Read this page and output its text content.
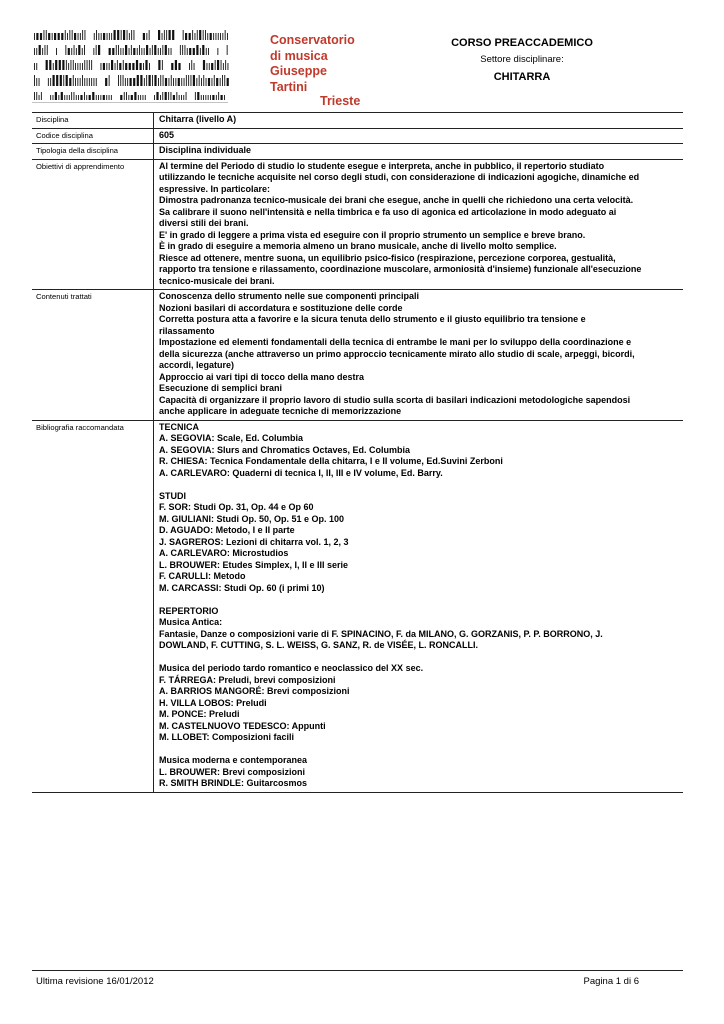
Conservatorio
di musica
Giuseppe
Tartini
Trieste
CORSO PREACCADEMICO
Settore disciplinare:
CHITARRA
Disciplina	Chitarra (livello A)
Codice disciplina	605
Tipologia della disciplina	Disciplina individuale
Obiettivi di apprendimento	Al termine del Periodo di studio lo studente esegue e interpreta, anche in pubblico, il repertorio studiato
utilizzando le tecniche acquisite nel corso degli studi, con considerazione di indicazioni agogiche, dinamiche ed
espressive. In particolare:
Dimostra padronanza tecnico-musicale dei brani che esegue, anche in quelli che richiedono una certa velocità.
Sa calibrare il suono nell'intensità e nella timbrica e fa uso di agonica ed articolazione in modo adeguato ai
diversi stili dei brani.
E' in grado di leggere a prima vista ed eseguire con il proprio strumento un semplice e breve brano.
È in grado di eseguire a memoria almeno un brano musicale, anche di livello molto semplice.
Riesce ad ottenere, mentre suona, un equilibrio psico-fisico (respirazione, percezione corporea, gestualità,
rapporto tra tensione e rilassamento, coordinazione muscolare, armoniosità d'insieme) funzionale all'esecuzione
tecnico-musicale dei brani.
Contenuti trattati	Conoscenza dello strumento nelle sue componenti principali
Nozioni basilari di accordatura e sostituzione delle corde
Corretta postura atta a favorire e la sicura tenuta dello strumento e il giusto equilibrio tra tensione e
rilassamento
Impostazione ed elementi fondamentali della tecnica di entrambe le mani per lo sviluppo della coordinazione e
della sicurezza (anche attraverso un primo approccio tecnicamente mirato allo studio di scale, arpeggi, bicordi,
accordi, legature)
Approccio ai vari tipi di tocco della mano destra
Esecuzione di semplici brani
Capacità di organizzare il proprio lavoro di studio sulla scorta di basilari indicazioni metodologiche sapendosi
anche applicare in adeguate tecniche di memorizzazione
Bibliografia raccomandata	TECNICA
A. SEGOVIA: Scale, Ed. Columbia
A. SEGOVIA: Slurs and Chromatics Octaves, Ed. Columbia
R. CHIESA: Tecnica Fondamentale della chitarra, I e II volume, Ed.Suvini Zerboni
A. CARLEVARO: Quaderni di tecnica I, II, III e IV volume, Ed. Barry.
STUDI
F. SOR: Studi Op. 31, Op. 44 e Op 60
M. GIULIANI: Studi Op. 50, Op. 51 e Op. 100
D. AGUADO: Metodo, I e II parte
J. SAGREROS: Lezioni di chitarra vol. 1, 2, 3
A. CARLEVARO: Microstudios
L. BROUWER: Etudes Simplex, I, II e III serie
F. CARULLI: Metodo
M. CARCASSI: Studi Op. 60 (i primi 10)
REPERTORIO
Musica Antica:
Fantasie, Danze o composizioni varie di F. SPINACINO, F. da MILANO, G. GORZANIS, P. P. BORRONO, J.
DOWLAND, F. CUTTING, S. L. WEISS, G. SANZ, R. de VISÉE, L. RONCALLI.
Musica del periodo tardo romantico e neoclassico del XX sec.
F. TÁRREGA: Preludi, brevi composizioni
A. BARRIOS MANGORÉ: Brevi composizioni
H. VILLA LOBOS: Preludi
M. PONCE: Preludi
M. CASTELNUOVO TEDESCO: Appunti
M. LLOBET: Composizioni facili
Musica moderna e contemporanea
L. BROUWER: Brevi composizioni
R. SMITH BRINDLE: Guitarcosmos
Ultima revisione 16/01/2012	Pagina 1 di 6
